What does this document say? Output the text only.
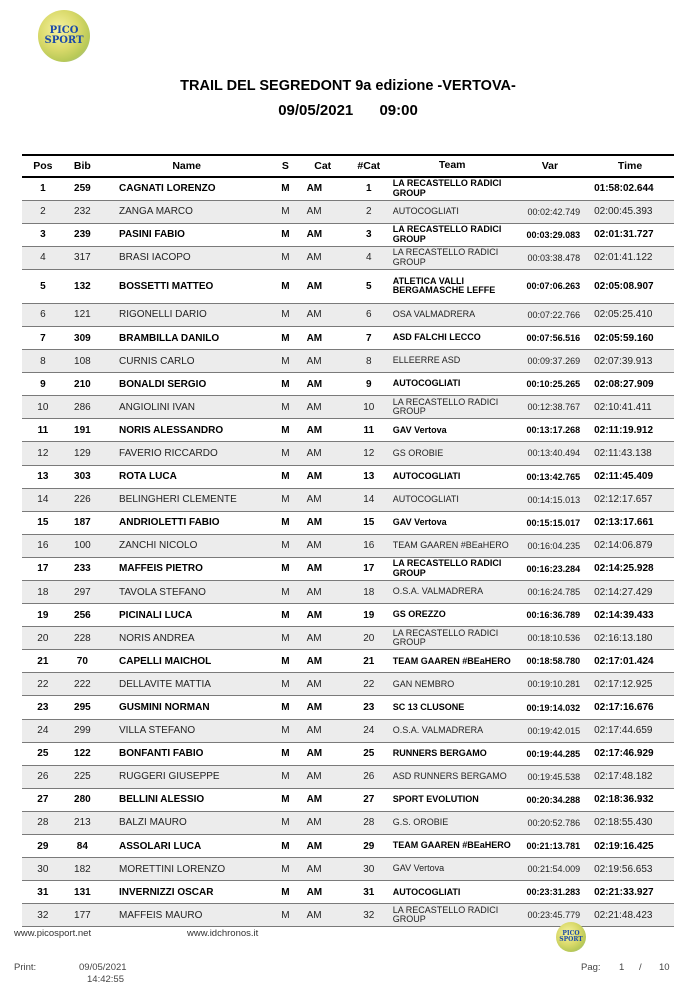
PICO
SPORT
TRAIL DEL SEGREDONT 9a edizione -VERTOVA-
09/05/2021 09:00
Pos	Bib	Name	S	Cat	#Cat	Team	Var	Time
1	259	CAGNATI LORENZO	M	AM	1	LA RECASTELLO RADICI GROUP		01:58:02.644
2	232	ZANGA MARCO	M	AM	2	AUTOCOGLIATI	00:02:42.749	02:00:45.393
3	239	PASINI FABIO	M	AM	3	LA RECASTELLO RADICI GROUP	00:03:29.083	02:01:31.727
4	317	BRASI IACOPO	M	AM	4	LA RECASTELLO RADICI GROUP	00:03:38.478	02:01:41.122
5	132	BOSSETTI MATTEO	M	AM	5	ATLETICA VALLI BERGAMASCHE LEFFE	00:07:06.263	02:05:08.907
6	121	RIGONELLI DARIO	M	AM	6	OSA VALMADRERA	00:07:22.766	02:05:25.410
7	309	BRAMBILLA DANILO	M	AM	7	ASD FALCHI LECCO	00:07:56.516	02:05:59.160
8	108	CURNIS CARLO	M	AM	8	ELLEERRE ASD	00:09:37.269	02:07:39.913
9	210	BONALDI SERGIO	M	AM	9	AUTOCOGLIATI	00:10:25.265	02:08:27.909
10	286	ANGIOLINI IVAN	M	AM	10	LA RECASTELLO RADICI GROUP	00:12:38.767	02:10:41.411
11	191	NORIS ALESSANDRO	M	AM	11	GAV Vertova	00:13:17.268	02:11:19.912
12	129	FAVERIO RICCARDO	M	AM	12	GS OROBIE	00:13:40.494	02:11:43.138
13	303	ROTA LUCA	M	AM	13	AUTOCOGLIATI	00:13:42.765	02:11:45.409
14	226	BELINGHERI CLEMENTE	M	AM	14	AUTOCOGLIATI	00:14:15.013	02:12:17.657
15	187	ANDRIOLETTI FABIO	M	AM	15	GAV Vertova	00:15:15.017	02:13:17.661
16	100	ZANCHI NICOLO	M	AM	16	TEAM GAAREN #BEaHERO	00:16:04.235	02:14:06.879
17	233	MAFFEIS PIETRO	M	AM	17	LA RECASTELLO RADICI GROUP	00:16:23.284	02:14:25.928
18	297	TAVOLA STEFANO	M	AM	18	O.S.A. VALMADRERA	00:16:24.785	02:14:27.429
19	256	PICINALI LUCA	M	AM	19	GS OREZZO	00:16:36.789	02:14:39.433
20	228	NORIS ANDREA	M	AM	20	LA RECASTELLO RADICI GROUP	00:18:10.536	02:16:13.180
21	70	CAPELLI MAICHOL	M	AM	21	TEAM GAAREN #BEaHERO	00:18:58.780	02:17:01.424
22	222	DELLAVITE MATTIA	M	AM	22	GAN NEMBRO	00:19:10.281	02:17:12.925
23	295	GUSMINI NORMAN	M	AM	23	SC 13 CLUSONE	00:19:14.032	02:17:16.676
24	299	VILLA STEFANO	M	AM	24	O.S.A. VALMADRERA	00:19:42.015	02:17:44.659
25	122	BONFANTI FABIO	M	AM	25	RUNNERS BERGAMO	00:19:44.285	02:17:46.929
26	225	RUGGERI GIUSEPPE	M	AM	26	ASD RUNNERS BERGAMO	00:19:45.538	02:17:48.182
27	280	BELLINI ALESSIO	M	AM	27	SPORT EVOLUTION	00:20:34.288	02:18:36.932
28	213	BALZI MAURO	M	AM	28	G.S. OROBIE	00:20:52.786	02:18:55.430
29	84	ASSOLARI LUCA	M	AM	29	TEAM GAAREN #BEaHERO	00:21:13.781	02:19:16.425
30	182	MORETTINI LORENZO	M	AM	30	GAV Vertova	00:21:54.009	02:19:56.653
31	131	INVERNIZZI OSCAR	M	AM	31	AUTOCOGLIATI	00:23:31.283	02:21:33.927
32	177	MAFFEIS MAURO	M	AM	32	LA RECASTELLO RADICI GROUP	00:23:45.779	02:21:48.423
www.picosport.net	www.idchronos.it	PICO
SPORT
Print:	09/05/2021
14:42:55
Pag: 1 / 10
